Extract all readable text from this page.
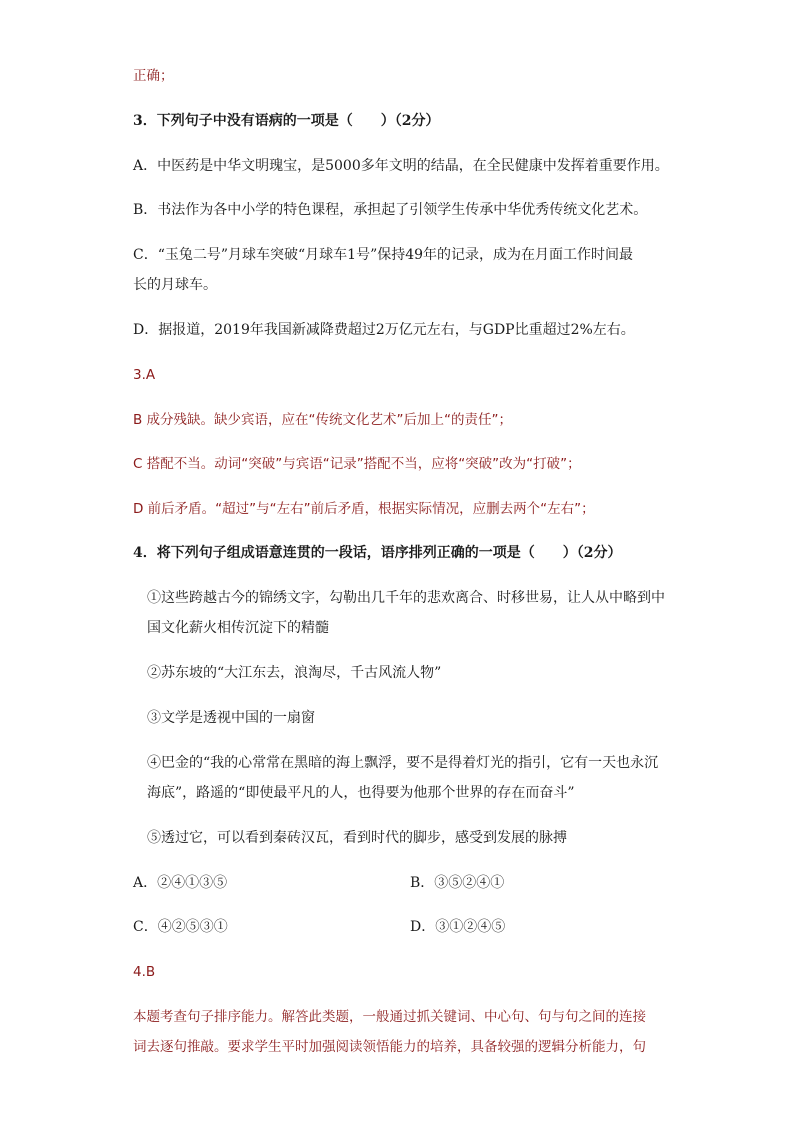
正确；
3．下列句子中没有语病的一项是（　　）（2分）
A．中医药是中华文明瑰宝，是5000多年文明的结晶，在全民健康中发挥着重要作用。
B．书法作为各中小学的特色课程，承担起了引领学生传承中华优秀传统文化艺术。
C．“玉兔二号”月球车突破“月球车1号”保持49年的记录，成为在月面工作时间最
长的月球车。
D．据报道，2019年我国新减降费超过2万亿元左右，与GDP比重超过2%左右。
3.A
B 成分残缺。缺少宾语，应在“传统文化艺术”后加上“的责任”；
C 搭配不当。动词“突破”与宾语“记录”搭配不当，应将“突破”改为“打破”；
D 前后矛盾。“超过”与“左右”前后矛盾，根据实际情况，应删去两个“左右”；
4．将下列句子组成语意连贯的一段话，语序排列正确的一项是（　　）（2分）
①这些跨越古今的锦绣文字，勾勒出几千年的悲欢离合、时移世易，让人从中略到中
国文化薪火相传沉淀下的精髓
②苏东坡的“大江东去，浪淘尽，千古风流人物”
③文学是透视中国的一扇窗
④巴金的“我的心常常在黑暗的海上飘浮，要不是得着灯光的指引，它有一天也永沉
海底”，路遥的“即使最平凡的人，也得要为他那个世界的存在而奋斗”
⑤透过它，可以看到秦砖汉瓦，看到时代的脚步，感受到发展的脉搏
A．②④①③⑤	B．③⑤②④①
C．④②⑤③①	D．③①②④⑤
4.B
本题考查句子排序能力。解答此类题，一般通过抓关键词、中心句、句与句之间的连接
词去逐句推敲。要求学生平时加强阅读领悟能力的培养，具备较强的逻辑分析能力，句
